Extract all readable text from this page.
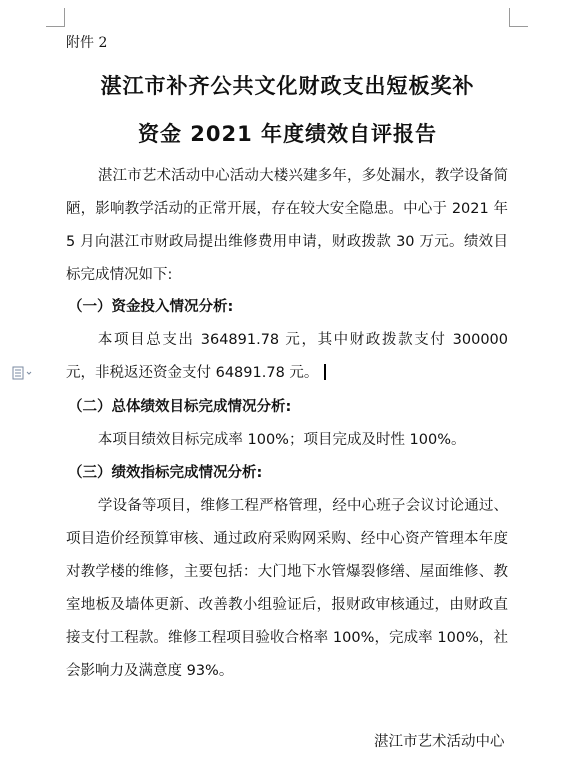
附件 2
湛江市补齐公共文化财政支出短板奖补
资金 2021 年度绩效自评报告
湛江市艺术活动中心活动大楼兴建多年，多处漏水，教学设备简陋，影响教学活动的正常开展，存在较大安全隐患。中心于 2021 年 5 月向湛江市财政局提出维修费用申请，财政拨款 30 万元。绩效目标完成情况如下:
（一）资金投入情况分析:
本项目总支出 364891.78 元，其中财政拨款支付 300000 元，非税返还资金支付 64891.78 元。
（二）总体绩效目标完成情况分析:
本项目绩效目标完成率 100%；项目完成及时性 100%。
（三）绩效指标完成情况分析:
学设备等项目，维修工程严格管理，经中心班子会议讨论通过、项目造价经预算审核、通过政府采购网采购、经中心资产管理本年度对教学楼的维修，主要包括：大门地下水管爆裂修缮、屋面维修、教室地板及墙体更新、改善教小组验证后，报财政审核通过，由财政直接支付工程款。维修工程项目验收合格率 100%，完成率 100%，社会影响力及满意度 93%。
湛江市艺术活动中心
